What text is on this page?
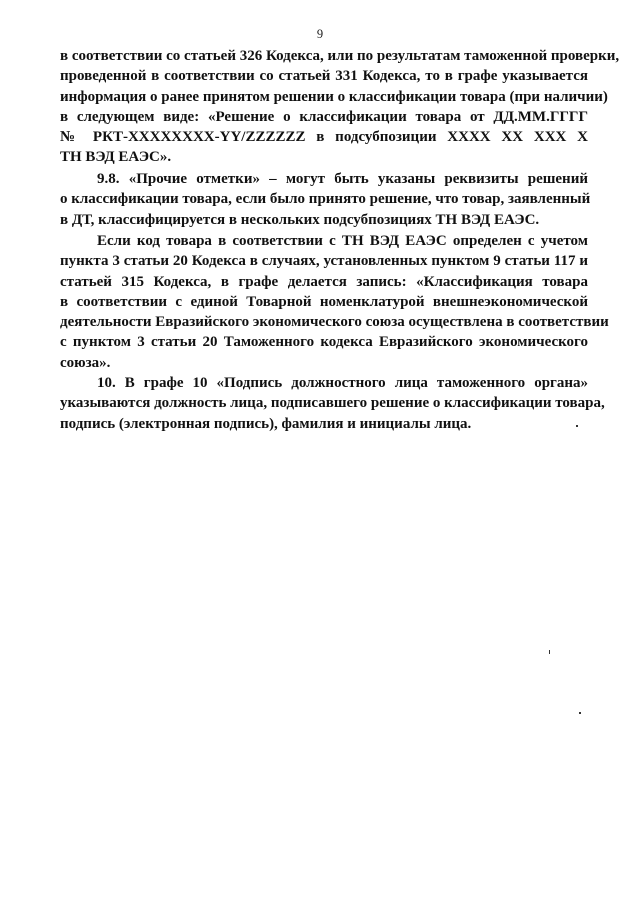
9
в соответствии со статьей 326 Кодекса, или по результатам таможенной проверки,
проведенной в соответствии со статьей 331 Кодекса, то в графе указывается
информация о ранее принятом решении о классификации товара (при наличии)
в следующем виде: «Решение о классификации товара от ДД.ММ.ГГГГ
№ РКТ-XXXXXXXX-YY/ZZZZZZ в подсубпозиции XXXX XX XXX X
ТН ВЭД ЕАЭС».
9.8. «Прочие отметки» – могут быть указаны реквизиты решений
о классификации товара, если было принято решение, что товар, заявленный
в ДТ, классифицируется в нескольких подсубпозициях ТН ВЭД ЕАЭС.
Если код товара в соответствии с ТН ВЭД ЕАЭС определен с учетом
пункта 3 статьи 20 Кодекса в случаях, установленных пунктом 9 статьи 117 и
статьей 315 Кодекса, в графе делается запись: «Классификация товара
в соответствии с единой Товарной номенклатурой внешнеэкономической
деятельности Евразийского экономического союза осуществлена в соответствии
с пунктом 3 статьи 20 Таможенного кодекса Евразийского экономического
союза».
10. В графе 10 «Подпись должностного лица таможенного органа»
указываются должность лица, подписавшего решение о классификации товара,
подпись (электронная подпись), фамилия и инициалы лица.
